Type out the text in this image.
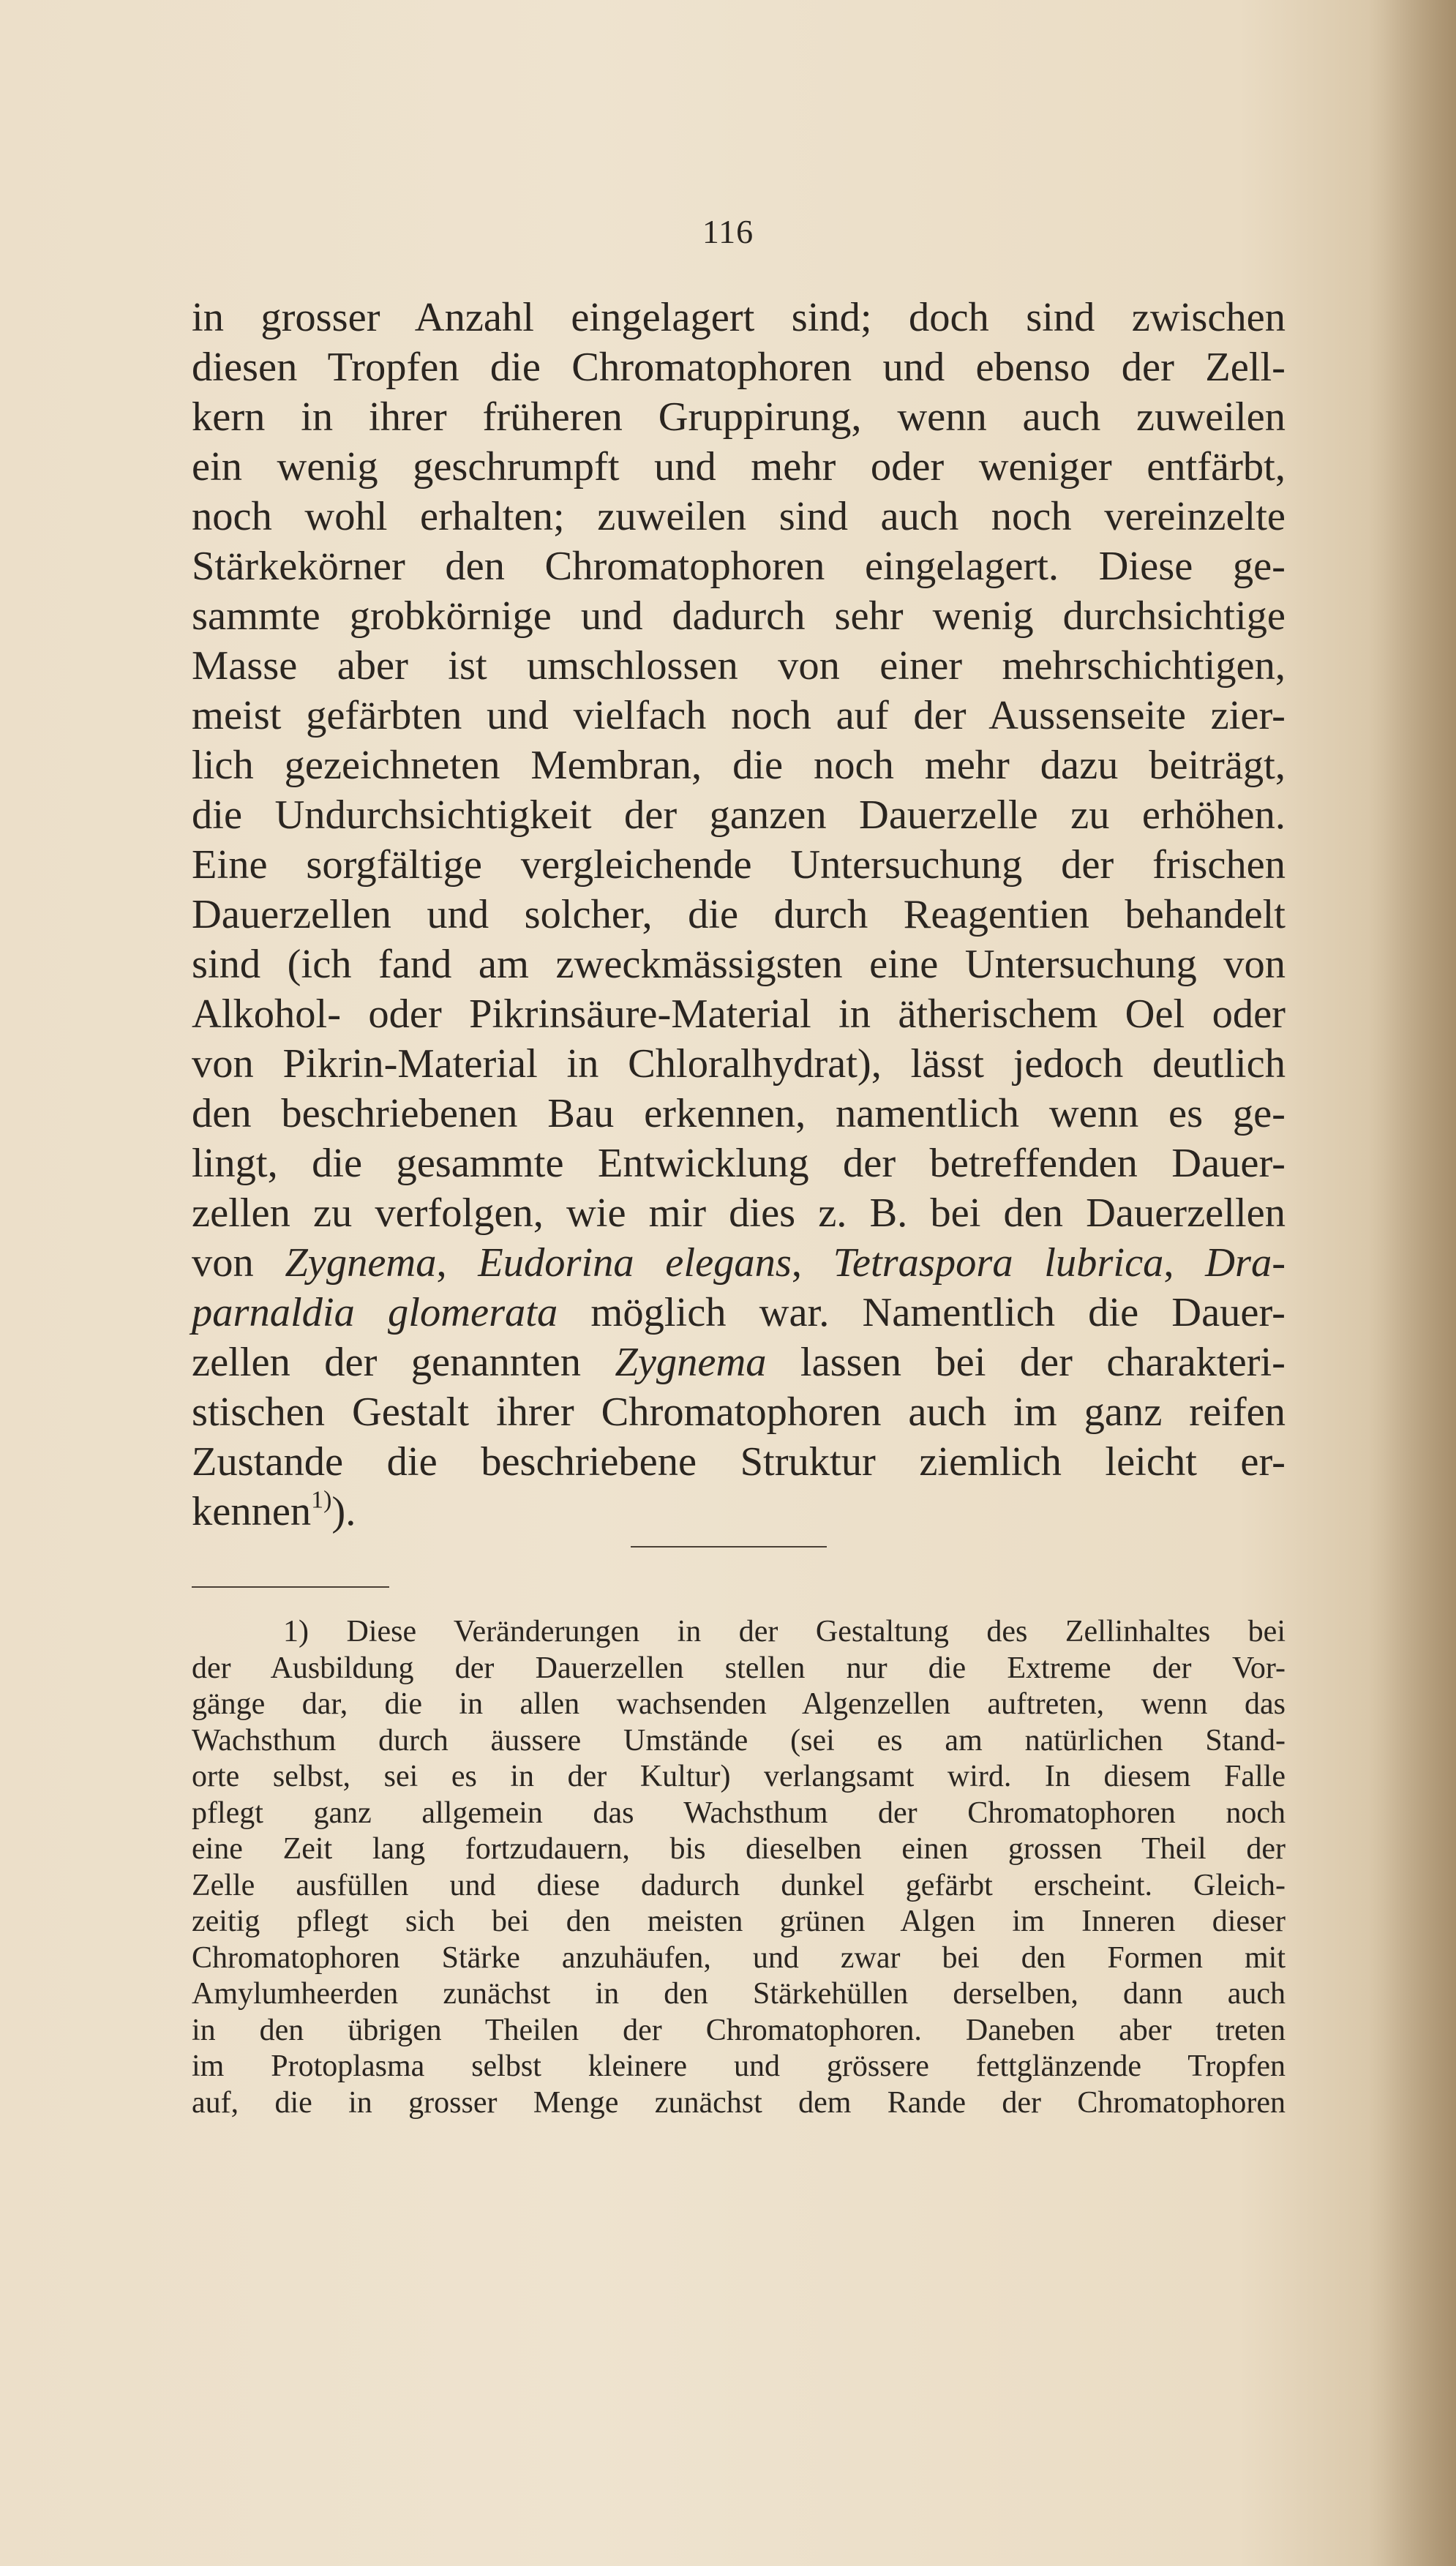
116
in grosser Anzahl eingelagert sind; doch sind zwischen
diesen Tropfen die Chromatophoren und ebenso der Zell-
kern in ihrer früheren Gruppirung, wenn auch zuweilen
ein wenig geschrumpft und mehr oder weniger entfärbt,
noch wohl erhalten; zuweilen sind auch noch vereinzelte
Stärkekörner den Chromatophoren eingelagert. Diese ge-
sammte grobkörnige und dadurch sehr wenig durchsichtige
Masse aber ist umschlossen von einer mehrschichtigen,
meist gefärbten und vielfach noch auf der Aussenseite zier-
lich gezeichneten Membran, die noch mehr dazu beiträgt,
die Undurchsichtigkeit der ganzen Dauerzelle zu erhöhen.
Eine sorgfältige vergleichende Untersuchung der frischen
Dauerzellen und solcher, die durch Reagentien behandelt
sind (ich fand am zweckmässigsten eine Untersuchung von
Alkohol- oder Pikrinsäure-Material in ätherischem Oel oder
von Pikrin-Material in Chloralhydrat), lässt jedoch deutlich
den beschriebenen Bau erkennen, namentlich wenn es ge-
lingt, die gesammte Entwicklung der betreffenden Dauer-
zellen zu verfolgen, wie mir dies z. B. bei den Dauerzellen
von Zygnema, Eudorina elegans, Tetraspora lubrica, Dra-
parnaldia glomerata möglich war. Namentlich die Dauer-
zellen der genannten Zygnema lassen bei der charakteri-
stischen Gestalt ihrer Chromatophoren auch im ganz reifen
Zustande die beschriebene Struktur ziemlich leicht er-
kennen$^{1)}$).
1) Diese Veränderungen in der Gestaltung des Zellinhaltes bei
der Ausbildung der Dauerzellen stellen nur die Extreme der Vor-
gänge dar, die in allen wachsenden Algenzellen auftreten, wenn das
Wachsthum durch äussere Umstände (sei es am natürlichen Stand-
orte selbst, sei es in der Kultur) verlangsamt wird. In diesem Falle
pflegt ganz allgemein das Wachsthum der Chromatophoren noch
eine Zeit lang fortzudauern, bis dieselben einen grossen Theil der
Zelle ausfüllen und diese dadurch dunkel gefärbt erscheint. Gleich-
zeitig pflegt sich bei den meisten grünen Algen im Inneren dieser
Chromatophoren Stärke anzuhäufen, und zwar bei den Formen mit
Amylumheerden zunächst in den Stärkehüllen derselben, dann auch
in den übrigen Theilen der Chromatophoren. Daneben aber treten
im Protoplasma selbst kleinere und grössere fettglänzende Tropfen
auf, die in grosser Menge zunächst dem Rande der Chromatophoren
